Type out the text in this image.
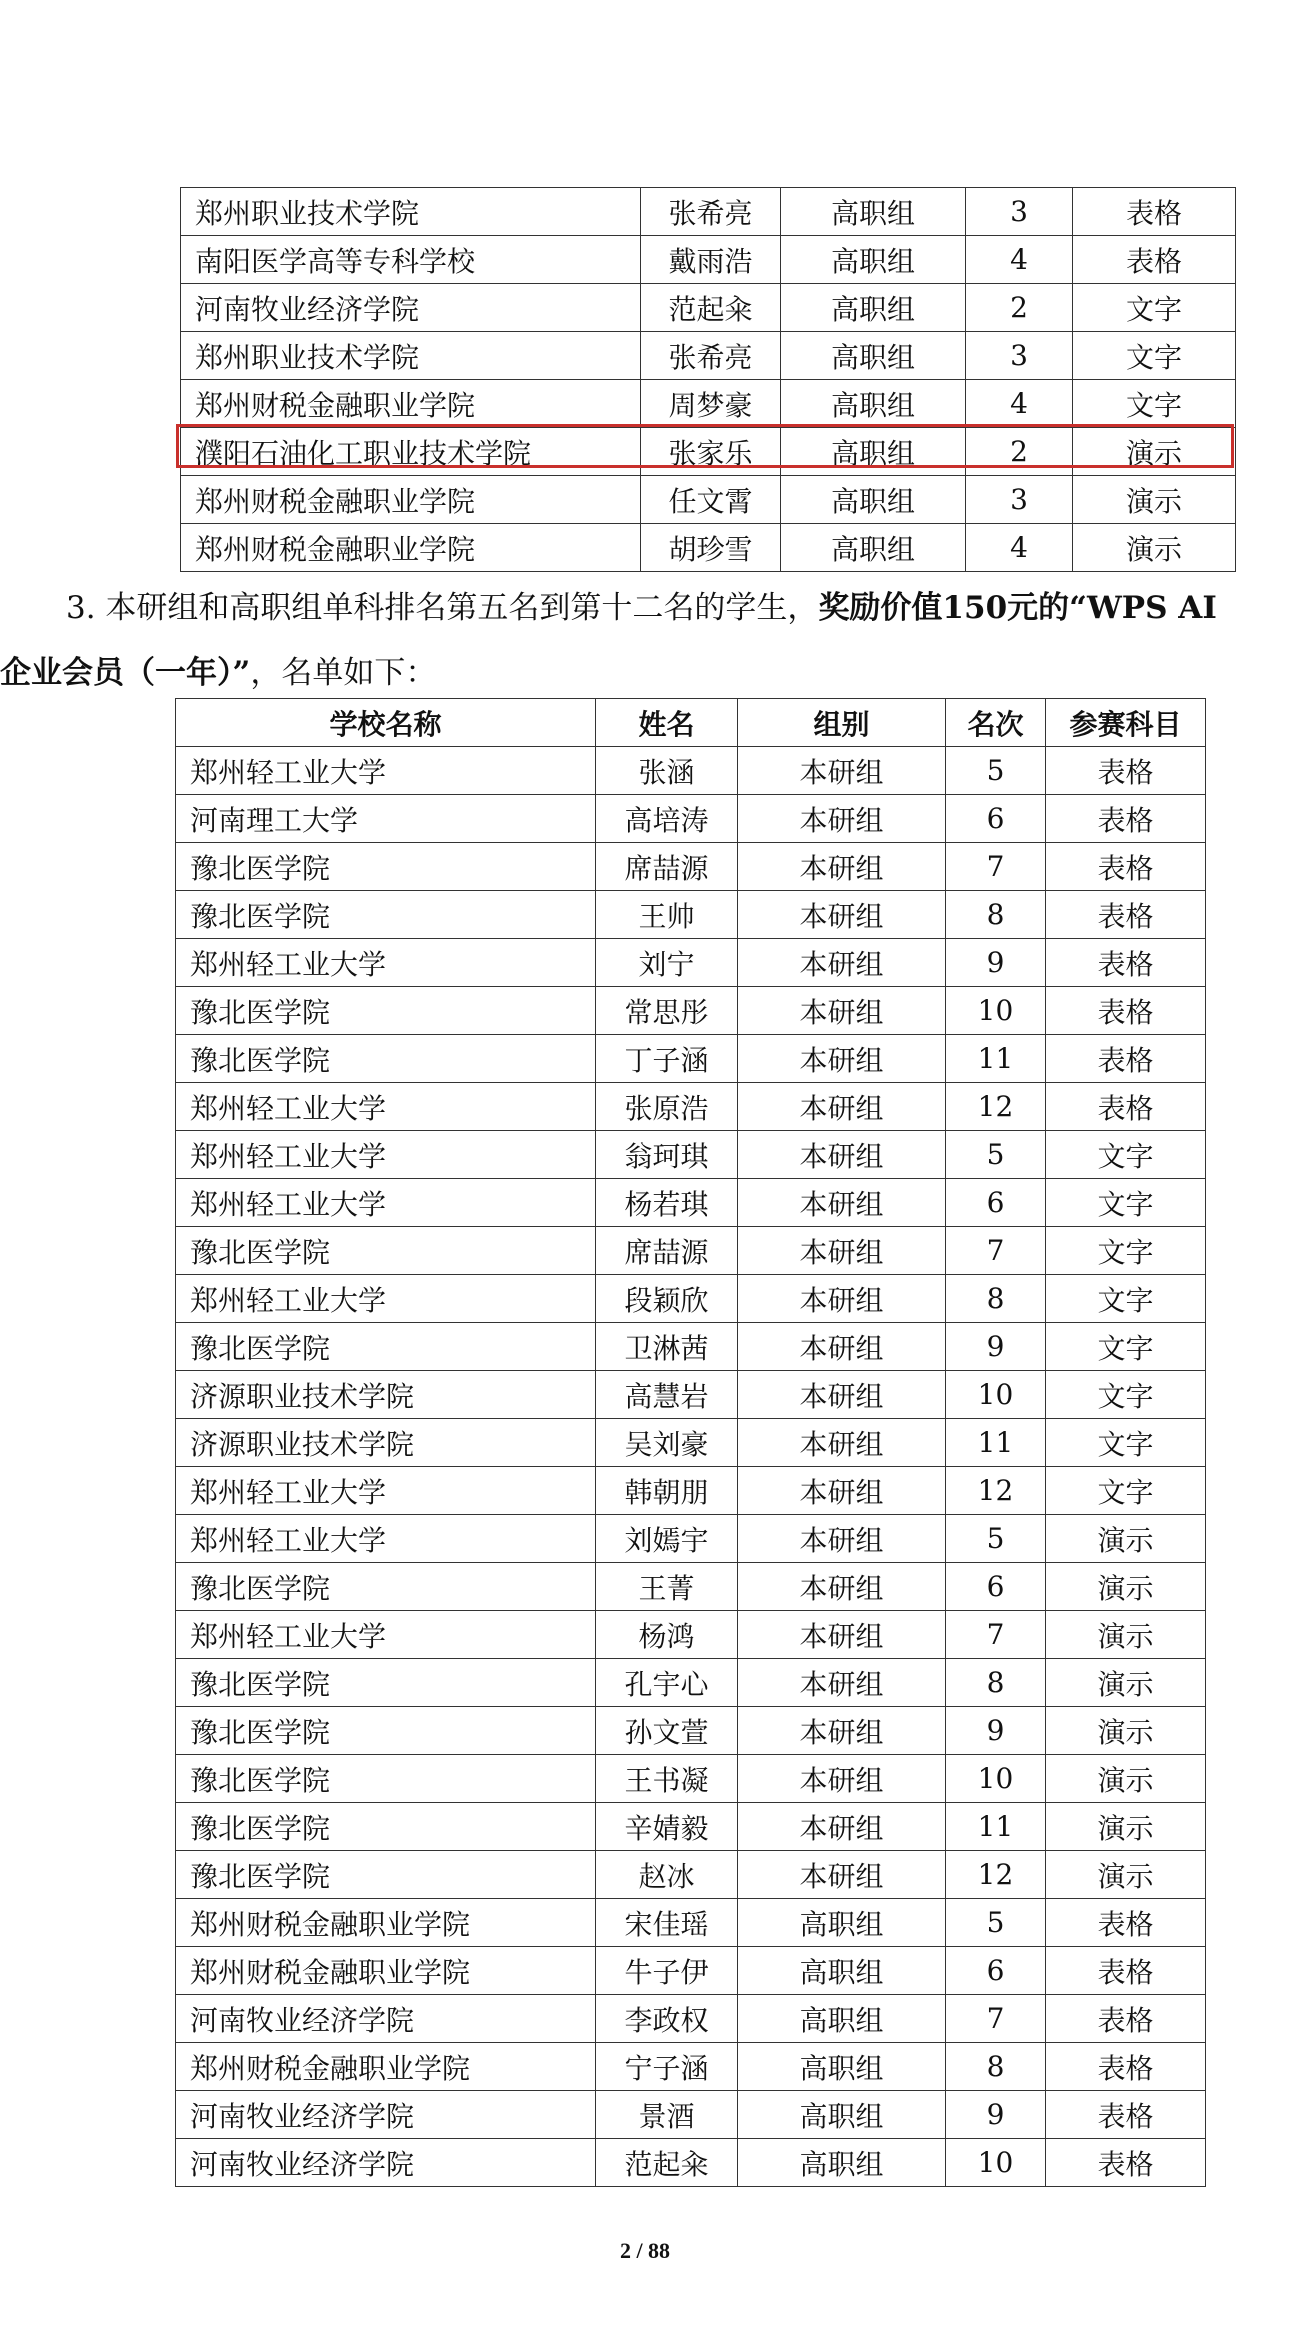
郑州职业技术学院	张希亮	高职组	3	表格
南阳医学高等专科学校	戴雨浩	高职组	4	表格
河南牧业经济学院	范起籴	高职组	2	文字
郑州职业技术学院	张希亮	高职组	3	文字
郑州财税金融职业学院	周梦豪	高职组	4	文字
濮阳石油化工职业技术学院	张家乐	高职组	2	演示
郑州财税金融职业学院	任文霄	高职组	3	演示
郑州财税金融职业学院	胡珍雪	高职组	4	演示
3. 本研组和高职组单科排名第五名到第十二名的学生，奖励价值150元的“WPS AI
企业会员（一年）”，名单如下：
学校名称	姓名	组别	名次	参赛科目
郑州轻工业大学	张涵	本研组	5	表格
河南理工大学	高培涛	本研组	6	表格
豫北医学院	席喆源	本研组	7	表格
豫北医学院	王帅	本研组	8	表格
郑州轻工业大学	刘宁	本研组	9	表格
豫北医学院	常思彤	本研组	10	表格
豫北医学院	丁子涵	本研组	11	表格
郑州轻工业大学	张原浩	本研组	12	表格
郑州轻工业大学	翁珂琪	本研组	5	文字
郑州轻工业大学	杨若琪	本研组	6	文字
豫北医学院	席喆源	本研组	7	文字
郑州轻工业大学	段颖欣	本研组	8	文字
豫北医学院	卫淋茜	本研组	9	文字
济源职业技术学院	高慧岩	本研组	10	文字
济源职业技术学院	吴刘豪	本研组	11	文字
郑州轻工业大学	韩朝朋	本研组	12	文字
郑州轻工业大学	刘嫣宇	本研组	5	演示
豫北医学院	王菁	本研组	6	演示
郑州轻工业大学	杨鸿	本研组	7	演示
豫北医学院	孔宇心	本研组	8	演示
豫北医学院	孙文萱	本研组	9	演示
豫北医学院	王书凝	本研组	10	演示
豫北医学院	辛婧毅	本研组	11	演示
豫北医学院	赵冰	本研组	12	演示
郑州财税金融职业学院	宋佳瑶	高职组	5	表格
郑州财税金融职业学院	牛子伊	高职组	6	表格
河南牧业经济学院	李政权	高职组	7	表格
郑州财税金融职业学院	宁子涵	高职组	8	表格
河南牧业经济学院	景酒	高职组	9	表格
河南牧业经济学院	范起籴	高职组	10	表格
2 / 88
